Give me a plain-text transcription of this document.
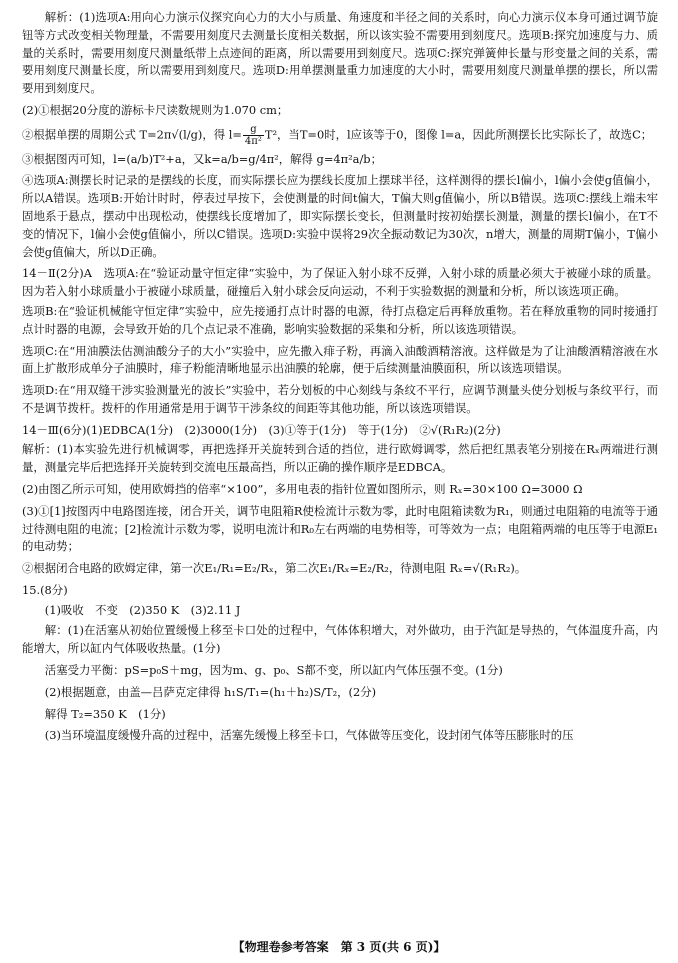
解析：(1)选项A:用向心力演示仪探究向心力的大小与质量、角速度和半径之间的关系时，向心力演示仪本身可通过调节旋钮等方式改变相关物理量，不需要用刻度尺去测量长度相关数据，所以该实验不需要用到刻度尺。选项B:探究加速度与力、质量的关系时，需要用刻度尺测量纸带上点迹间的距离，所以需要用到刻度尺。选项C:探究弹簧伸长量与形变量之间的关系，需要用刻度尺测量长度，所以需要用到刻度尺。选项D:用单摆测量重力加速度的大小时，需要用刻度尺测量单摆的摆长，所以需要用到刻度尺。

(2)①根据20分度的游标卡尺读数规则为1.070 cm；

②根据单摆的周期公式 T=2π√(l/g)，得 $l= \frac{g}{\text{4π²}} T^2$，当T=0时，l应该等于0，图像 l=a，因此所测摆长比实际长了，故选C；

③根据图丙可知，l=(a/b)T²+a，又k=a/b=g/4π²，解得 g=4π²a/b；

④选项A:测摆长时记录的是摆线的长度，而实际摆长应为摆线长度加上摆球半径，这样测得的摆长l偏小，l偏小会使g值偏小，所以A错误。选项B:开始计时时，停表过早按下，会使测量的时间t偏大，T偏大则g值偏小，所以B错误。选项C:摆线上端未牢固地系于悬点，摆动中出现松动，使摆线长度增加了，即实际摆长变长，但测量时按初始摆长测量，测量的摆长l偏小，在T不变的情况下，l偏小会使g值偏小，所以C错误。选项D:实验中误将29次全振动数记为30次，n增大，测量的周期T偏小，T偏小会使g值偏大，所以D正确。

14－Ⅱ(2分)A　选项A:在“验证动量守恒定律”实验中，为了保证入射小球不反弹，入射小球的质量必须大于被碰小球的质量。因为若入射小球质量小于被碰小球质量，碰撞后入射小球会反向运动，不利于实验数据的测量和分析，所以该选项正确。

选项B:在“验证机械能守恒定律”实验中，应先接通打点计时器的电源，待打点稳定后再释放重物。若在释放重物的同时接通打点计时器的电源，会导致开始的几个点记录不准确，影响实验数据的采集和分析，所以该选项错误。

选项C:在“用油膜法估测油酸分子的大小”实验中，应先撒入痱子粉，再滴入油酸酒精溶液。这样做是为了让油酸酒精溶液在水面上扩散形成单分子油膜时，痱子粉能清晰地显示出油膜的轮廓，便于后续测量油膜面积，所以该选项错误。

选项D:在“用双缝干涉实验测量光的波长”实验中，若分划板的中心刻线与条纹不平行，应调节测量头使分划板与条纹平行，而不是调节拨杆。拨杆的作用通常是用于调节干涉条纹的间距等其他功能，所以该选项错误。

14－Ⅲ(6分)(1)EDBCA(1分)　(2)3000(1分)　(3)①等于(1分)　等于(1分)　②√(R₁R₂)(2分)

解析：(1)本实验先进行机械调零，再把选择开关旋转到合适的挡位，进行欧姆调零，然后把红黑表笔分别接在Rₓ两端进行测量，测量完毕后把选择开关旋转到交流电压最高挡，所以正确的操作顺序是EDBCA。

(2)由图乙所示可知，使用欧姆挡的倍率“×100”，多用电表的指针位置如图所示，则 Rₓ=30×100 Ω=3000 Ω

(3)①[1]按图丙中电路图连接，闭合开关，调节电阻箱R使检流计示数为零，此时电阻箱读数为R₁，则通过电阻箱的电流等于通过待测电阻的电流；[2]检流计示数为零，说明电流计和R₀左右两端的电势相等，可等效为一点；电阻箱两端的电压等于电源E₁的电动势；

②根据闭合电路的欧姆定律，第一次E₁/R₁=E₂/Rₓ，第二次E₁/Rₓ=E₂/R₂，待测电阻 Rₓ=√(R₁R₂)。

15.(8分)

(1)吸收　不变　(2)350 K　(3)2.11 J

解：(1)在活塞从初始位置缓慢上移至卡口处的过程中，气体体积增大，对外做功，由于汽缸是导热的，气体温度升高，内能增大，所以缸内气体吸收热量。(1分)

活塞受力平衡：pS=p₀S＋mg，因为m、g、p₀、S都不变，所以缸内气体压强不变。(1分)

(2)根据题意，由盖—吕萨克定律得 h₁S/T₁=(h₁＋h₂)S/T₂，(2分)

解得 T₂=350 K　(1分)

(3)当环境温度缓慢升高的过程中，活塞先缓慢上移至卡口，气体做等压变化，设封闭气体等压膨胀时的压

【物理卷参考答案　 第 3 页(共 6 页)】
